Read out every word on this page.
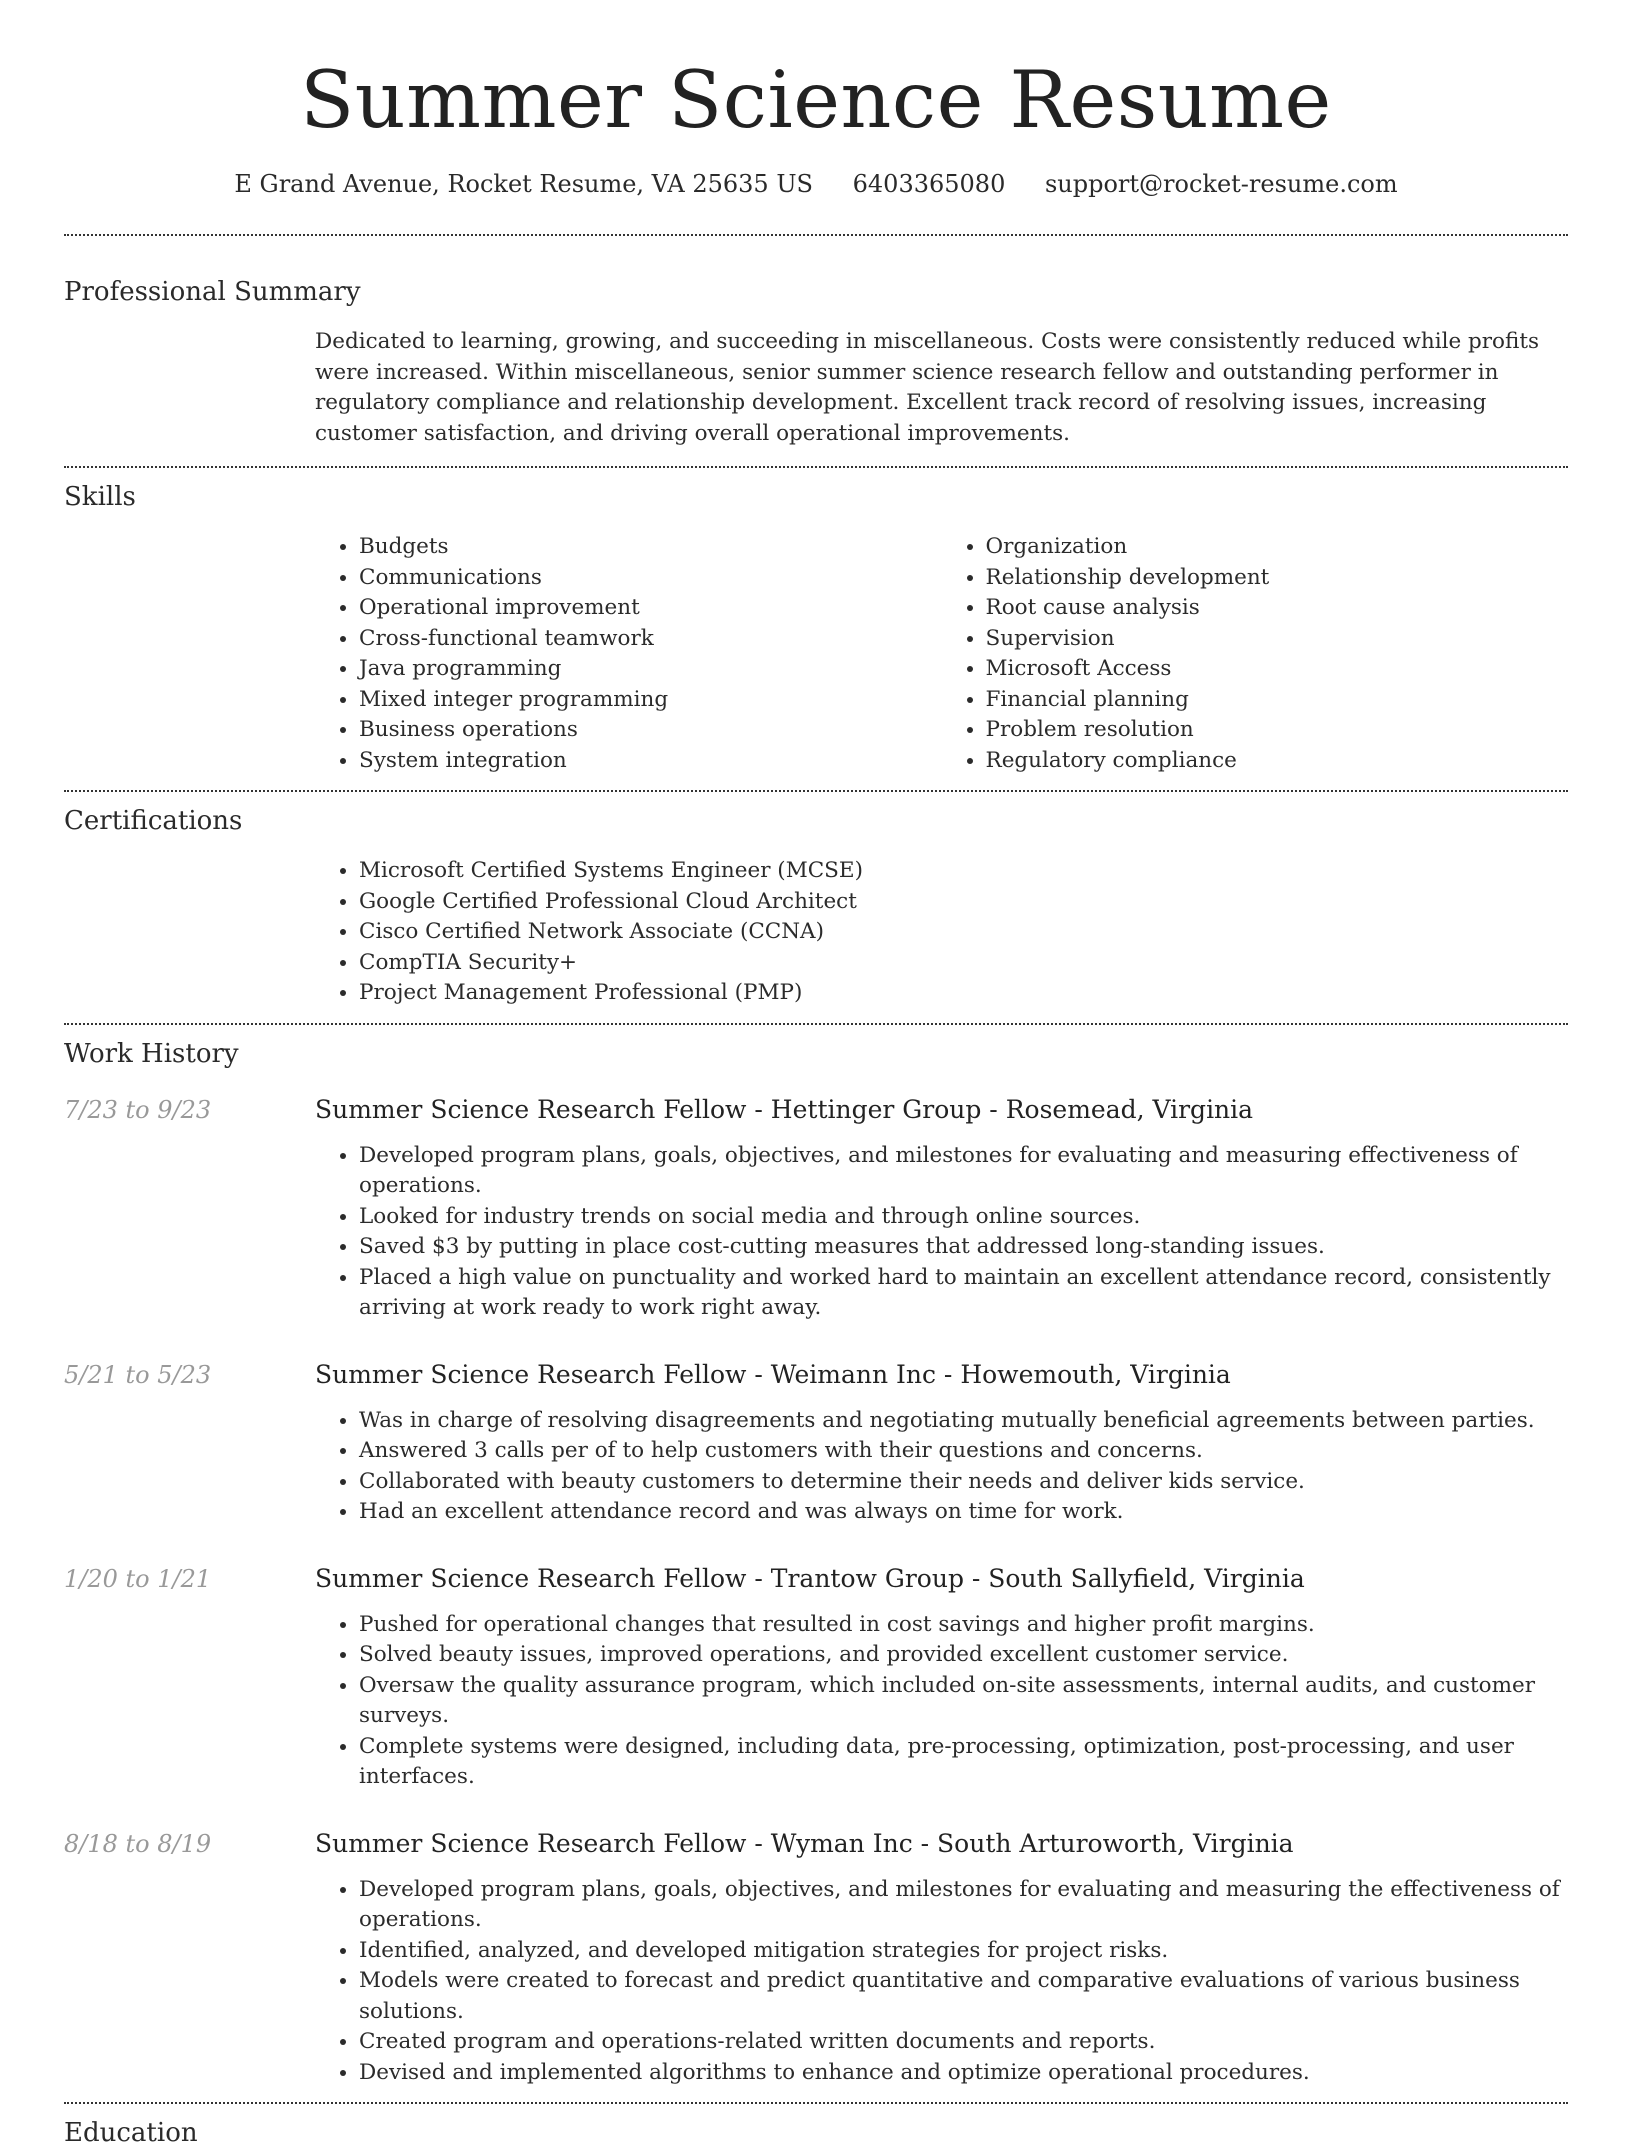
Summer Science Resume
E Grand Avenue, Rocket Resume, VA 25635 US 6403365080 support@rocket-resume.com
Professional Summary

Dedicated to learning, growing, and succeeding in miscellaneous. Costs were consistently reduced while profits were increased. Within miscellaneous, senior summer science research fellow and outstanding performer in regulatory compliance and relationship development. Excellent track record of resolving issues, increasing customer satisfaction, and driving overall operational improvements.

Skills
• Budgets
• Communications
• Operational improvement
• Cross-functional teamwork
• Java programming
• Mixed integer programming
• Business operations
• System integration
• Organization
• Relationship development
• Root cause analysis
• Supervision
• Microsoft Access
• Financial planning
• Problem resolution
• Regulatory compliance
Certifications
• Microsoft Certified Systems Engineer (MCSE)
• Google Certified Professional Cloud Architect
• Cisco Certified Network Associate (CCNA)
• CompTIA Security+
• Project Management Professional (PMP)
Work History
7/23 to 9/23	Summer Science Research Fellow - Hettinger Group - Rosemead, Virginia
• Developed program plans, goals, objectives, and milestones for evaluating and measuring effectiveness of operations.
• Looked for industry trends on social media and through online sources.
• Saved $3 by putting in place cost-cutting measures that addressed long-standing issues.
• Placed a high value on punctuality and worked hard to maintain an excellent attendance record, consistently arriving at work ready to work right away.
5/21 to 5/23	Summer Science Research Fellow - Weimann Inc - Howemouth, Virginia
• Was in charge of resolving disagreements and negotiating mutually beneficial agreements between parties.
• Answered 3 calls per of to help customers with their questions and concerns.
• Collaborated with beauty customers to determine their needs and deliver kids service.
• Had an excellent attendance record and was always on time for work.
1/20 to 1/21	Summer Science Research Fellow - Trantow Group - South Sallyfield, Virginia
• Pushed for operational changes that resulted in cost savings and higher profit margins.
• Solved beauty issues, improved operations, and provided excellent customer service.
• Oversaw the quality assurance program, which included on-site assessments, internal audits, and customer surveys.
• Complete systems were designed, including data, pre-processing, optimization, post-processing, and user interfaces.
8/18 to 8/19	Summer Science Research Fellow - Wyman Inc - South Arturoworth, Virginia
• Developed program plans, goals, objectives, and milestones for evaluating and measuring the effectiveness of operations.
• Identified, analyzed, and developed mitigation strategies for project risks.
• Models were created to forecast and predict quantitative and comparative evaluations of various business solutions.
• Created program and operations-related written documents and reports.
• Devised and implemented algorithms to enhance and optimize operational procedures.
Education
